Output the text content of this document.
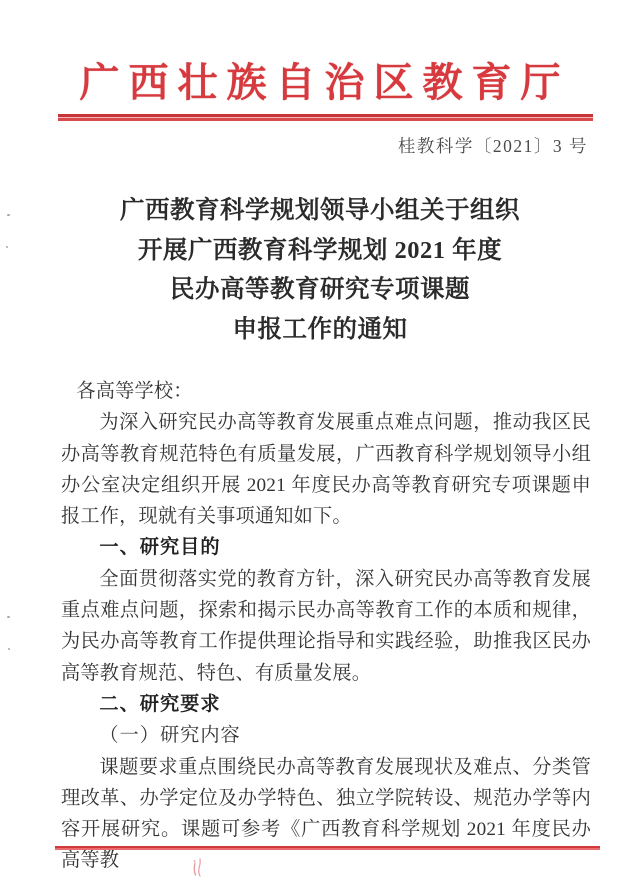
广西壮族自治区教育厅
桂教科学〔2021〕3 号
广西教育科学规划领导小组关于组织
开展广西教育科学规划 2021 年度
民办高等教育研究专项课题
申报工作的通知

各高等学校：

为深入研究民办高等教育发展重点难点问题，推动我区民办高等教育规范特色有质量发展，广西教育科学规划领导小组办公室决定组织开展 2021 年度民办高等教育研究专项课题申报工作，现就有关事项通知如下。

一、研究目的

全面贯彻落实党的教育方针，深入研究民办高等教育发展重点难点问题，探索和揭示民办高等教育工作的本质和规律，为民办高等教育工作提供理论指导和实践经验，助推我区民办高等教育规范、特色、有质量发展。

二、研究要求

（一）研究内容

课题要求重点围绕民办高等教育发展现状及难点、分类管理改革、办学定位及办学特色、独立学院转设、规范办学等内容开展研究。课题可参考《广西教育科学规划 2021 年度民办高等教
